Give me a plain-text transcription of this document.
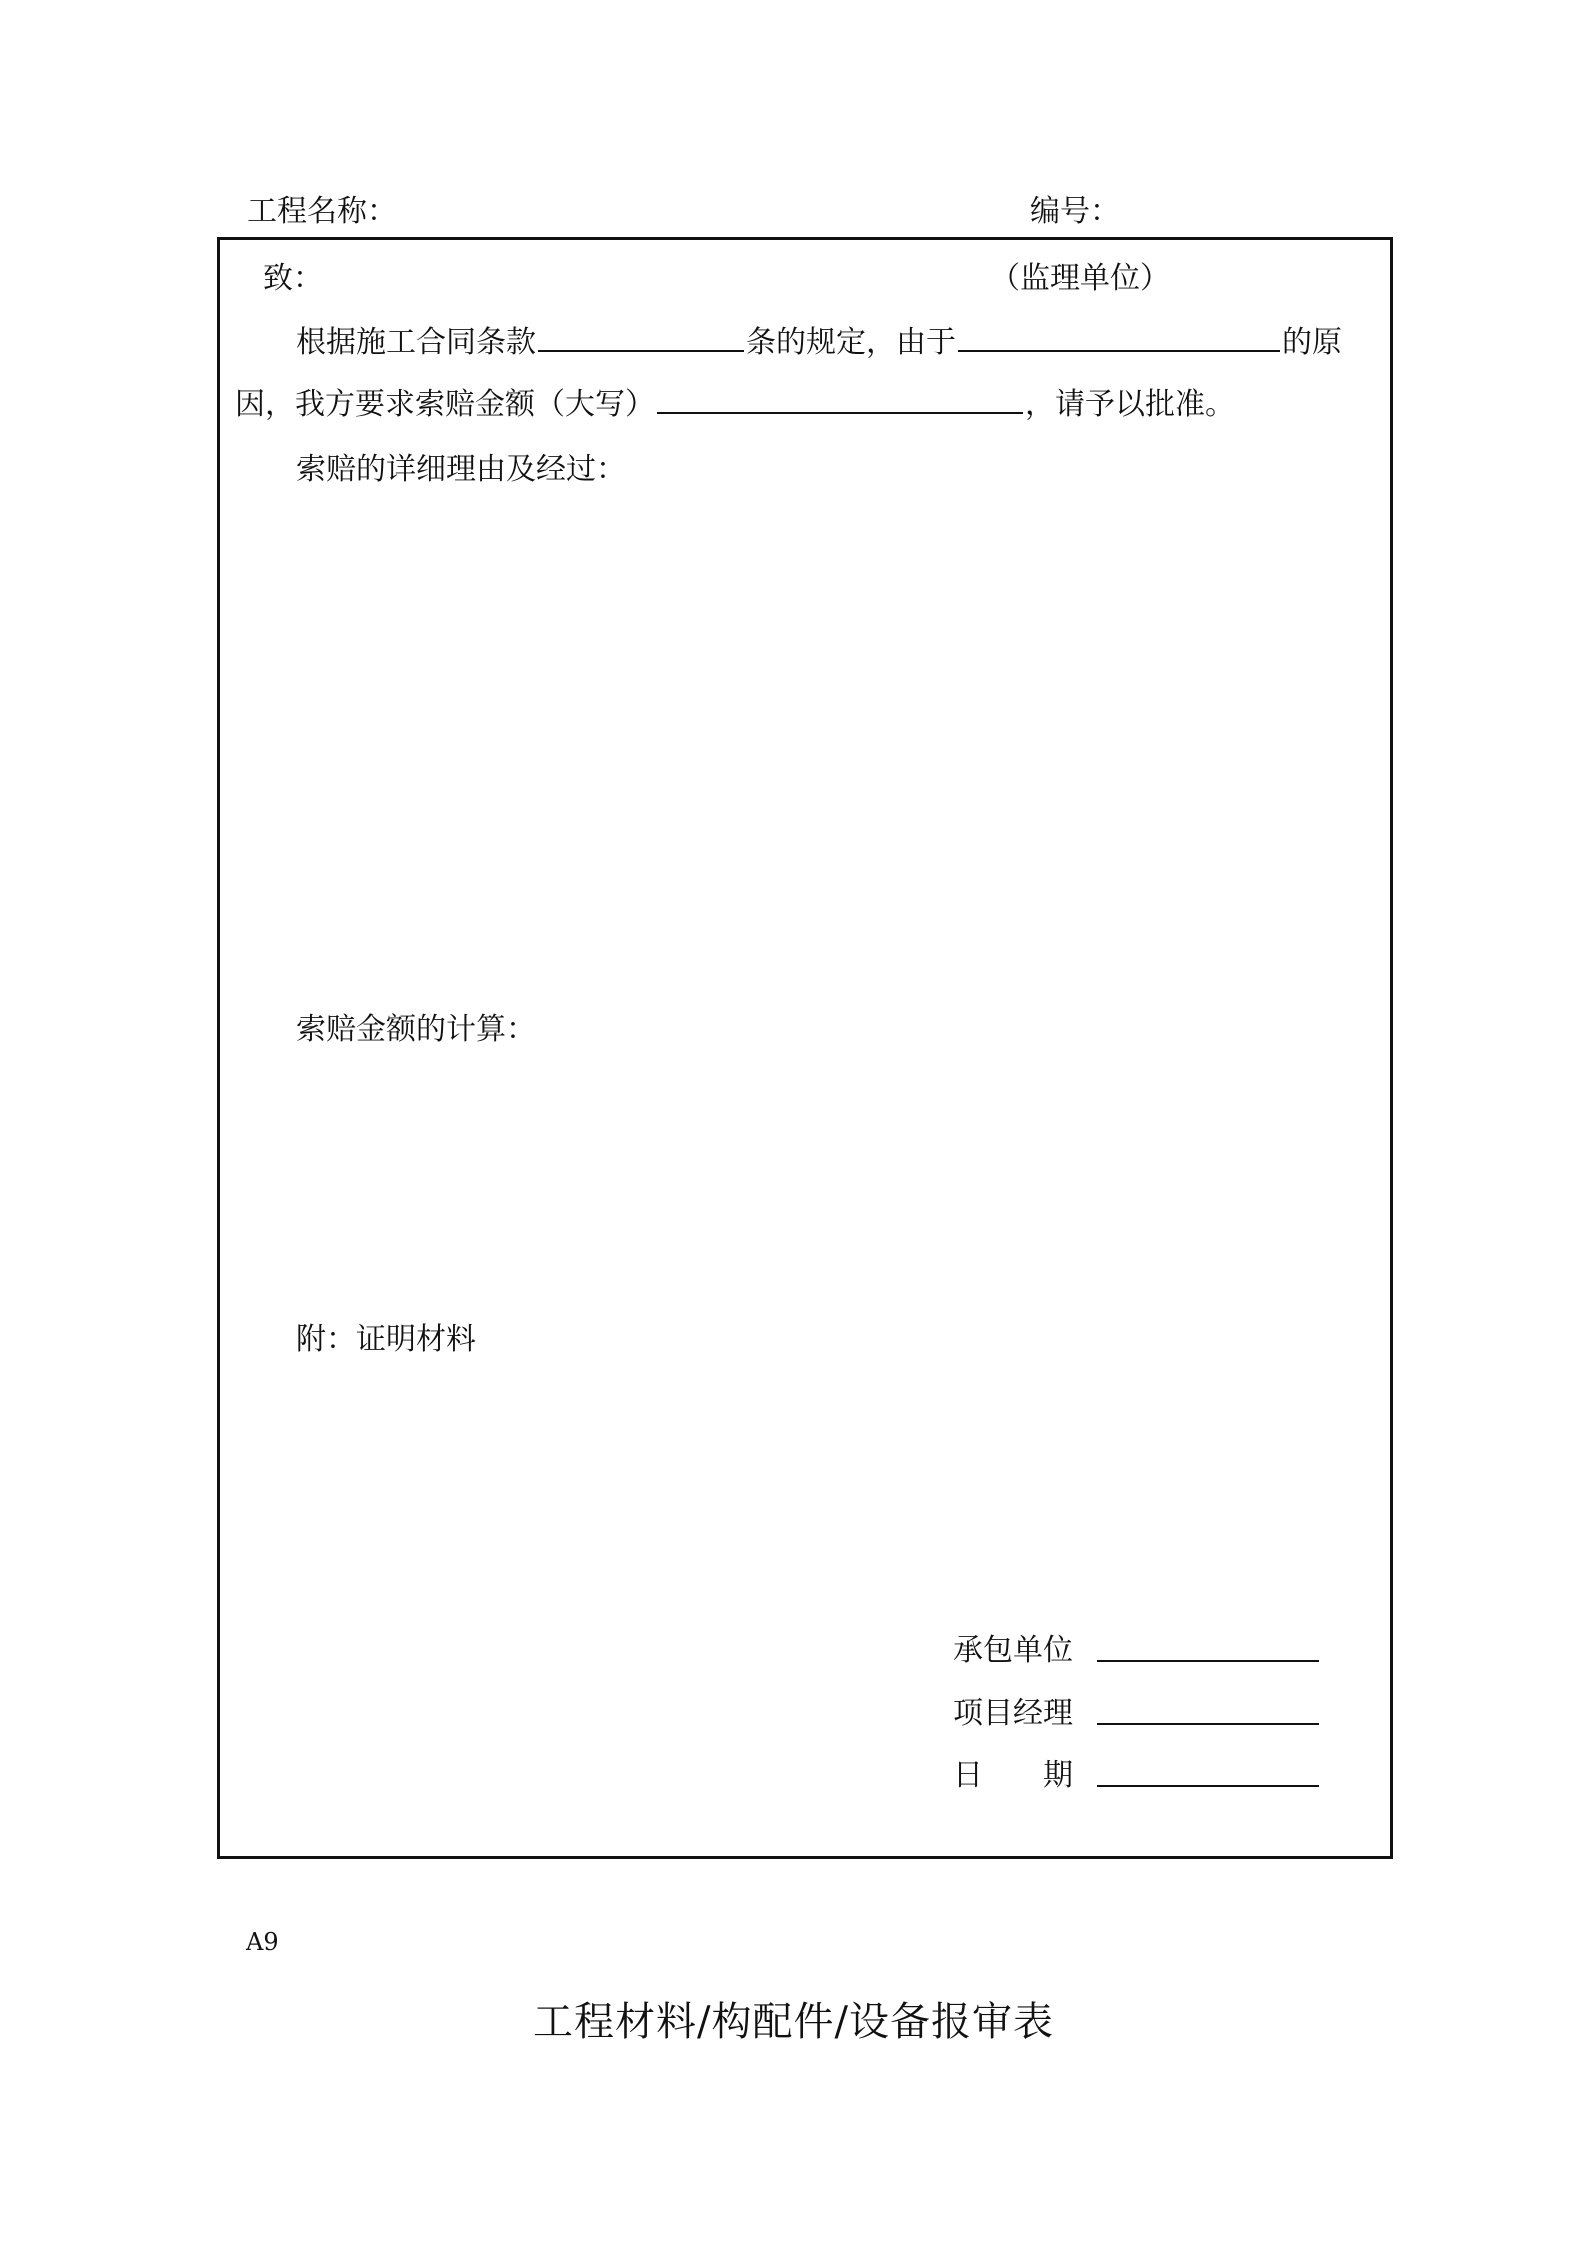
工程名称：	编号：
致：	（监理单位）
根据施工合同条款	条的规定，由于	的原
因，我方要求索赔金额（大写）	，请予以批准。
索赔的详细理由及经过：
索赔金额的计算：
附：证明材料
承包单位
项目经理
日　　期
A9
工程材料/构配件/设备报审表
